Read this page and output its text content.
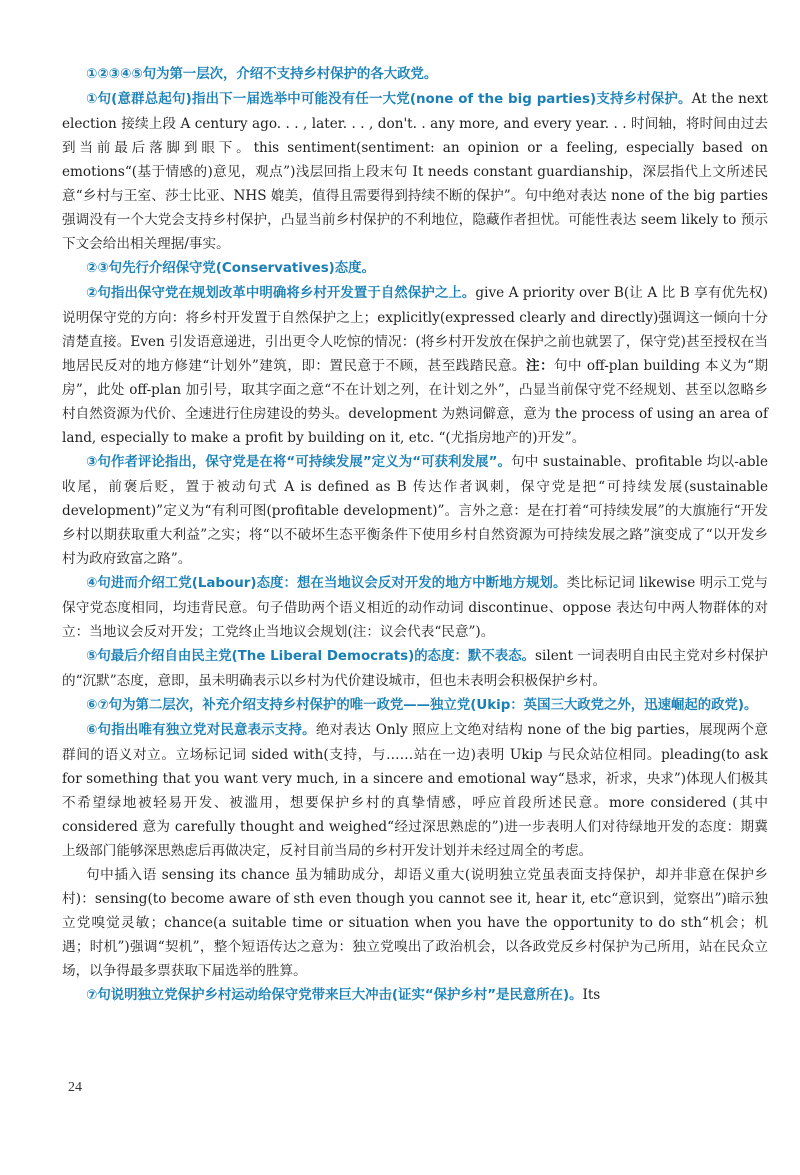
①②③④⑤句为第一层次，介绍不支持乡村保护的各大政党。

①句(意群总起句)指出下一届选举中可能没有任一大党(none of the big parties)支持乡村保护。At the next election 接续上段 A century ago. . . , later. . . , don't. . any more, and every year. . . 时间轴，将时间由过去到当前最后落脚到眼下。this sentiment(sentiment: an opinion or a feeling, especially based on emotions“(基于情感的)意见，观点”)浅层回指上段末句 It needs constant guardianship，深层指代上文所述民意“乡村与王室、莎士比亚、NHS 媲美，值得且需要得到持续不断的保护”。句中绝对表达 none of the big parties 强调没有一个大党会支持乡村保护，凸显当前乡村保护的不利地位，隐藏作者担忧。可能性表达 seem likely to 预示下文会给出相关理据/事实。

②③句先行介绍保守党(Conservatives)态度。

②句指出保守党在规划改革中明确将乡村开发置于自然保护之上。give A priority over B(让 A 比 B 享有优先权)说明保守党的方向：将乡村开发置于自然保护之上；explicitly(expressed clearly and directly)强调这一倾向十分清楚直接。Even 引发语意递进，引出更令人吃惊的情况：(将乡村开发放在保护之前也就罢了，保守党)甚至授权在当地居民反对的地方修建“计划外”建筑，即：置民意于不顾，甚至践踏民意。注：句中 off-plan building 本义为“期房”，此处 off-plan 加引号，取其字面之意“不在计划之列，在计划之外”，凸显当前保守党不经规划、甚至以忽略乡村自然资源为代价、全速进行住房建设的势头。development 为熟词僻意，意为 the process of using an area of land, especially to make a profit by building on it, etc. “(尤指房地产的)开发”。

③句作者评论指出，保守党是在将“可持续发展”定义为“可获利发展”。句中 sustainable、profitable 均以-able 收尾，前褒后贬，置于被动句式 A is defined as B 传达作者讽刺，保守党是把“可持续发展(sustainable development)”定义为“有利可图(profitable development)”。言外之意：是在打着“可持续发展”的大旗施行“开发乡村以期获取重大利益”之实；将“以不破坏生态平衡条件下使用乡村自然资源为可持续发展之路”演变成了“以开发乡村为政府致富之路”。

④句进而介绍工党(Labour)态度：想在当地议会反对开发的地方中断地方规划。类比标记词 likewise 明示工党与保守党态度相同，均违背民意。句子借助两个语义相近的动作动词 discontinue、oppose 表达句中两人物群体的对立：当地议会反对开发；工党终止当地议会规划(注：议会代表“民意”)。

⑤句最后介绍自由民主党(The Liberal Democrats)的态度：默不表态。silent 一词表明自由民主党对乡村保护的“沉默”态度，意即，虽未明确表示以乡村为代价建设城市，但也未表明会积极保护乡村。

⑥⑦句为第二层次，补充介绍支持乡村保护的唯一政党——独立党(Ukip：英国三大政党之外，迅速崛起的政党)。

⑥句指出唯有独立党对民意表示支持。绝对表达 Only 照应上文绝对结构 none of the big parties，展现两个意群间的语义对立。立场标记词 sided with(支持，与……站在一边)表明 Ukip 与民众站位相同。pleading(to ask for something that you want very much, in a sincere and emotional way“恳求，祈求，央求”)体现人们极其不希望绿地被轻易开发、被滥用，想要保护乡村的真挚情感，呼应首段所述民意。more considered (其中 considered 意为 carefully thought and weighed“经过深思熟虑的”)进一步表明人们对待绿地开发的态度：期冀上级部门能够深思熟虑后再做决定，反衬目前当局的乡村开发计划并未经过周全的考虑。

句中插入语 sensing its chance 虽为辅助成分，却语义重大(说明独立党虽表面支持保护，却并非意在保护乡村)：sensing(to become aware of sth even though you cannot see it, hear it, etc“意识到，觉察出”)暗示独立党嗅觉灵敏；chance(a suitable time or situation when you have the opportunity to do sth“机会；机遇；时机”)强调“契机”，整个短语传达之意为：独立党嗅出了政治机会，以各政党反乡村保护为己所用，站在民众立场，以争得最多票获取下届选举的胜算。

⑦句说明独立党保护乡村运动给保守党带来巨大冲击(证实“保护乡村”是民意所在)。Its

24
